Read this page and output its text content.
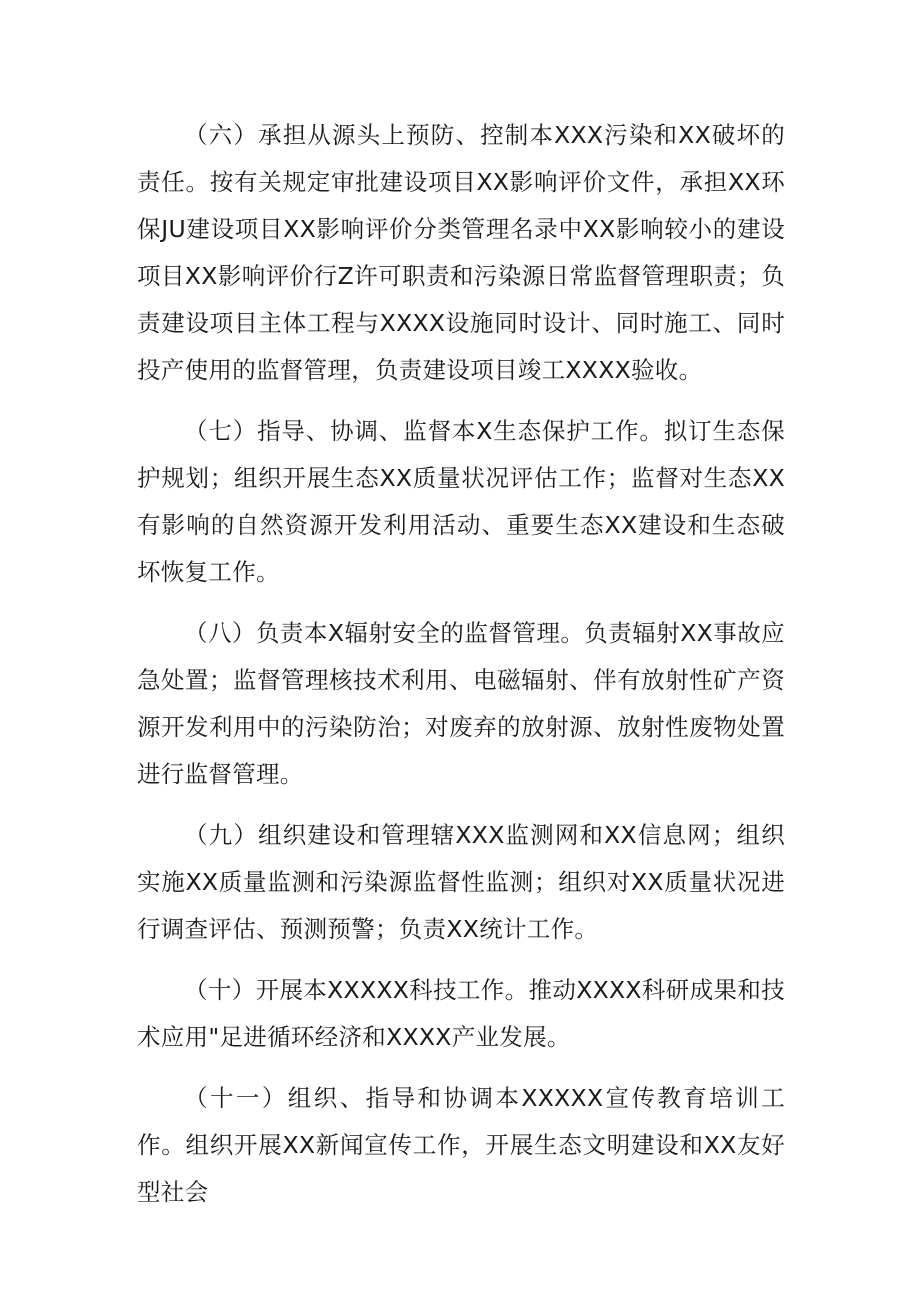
（六）承担从源头上预防、控制本XXX污染和XX破坏的责任。按有关规定审批建设项目XX影响评价文件，承担XX环保JU建设项目XX影响评价分类管理名录中XX影响较小的建设项目XX影响评价行Z许可职责和污染源日常监督管理职责；负责建设项目主体工程与XXXX设施同时设计、同时施工、同时投产使用的监督管理，负责建设项目竣工XXXX验收。

（七）指导、协调、监督本X生态保护工作。拟订生态保护规划；组织开展生态XX质量状况评估工作；监督对生态XX有影响的自然资源开发利用活动、重要生态XX建设和生态破坏恢复工作。

（八）负责本X辐射安全的监督管理。负责辐射XX事故应急处置；监督管理核技术利用、电磁辐射、伴有放射性矿产资源开发利用中的污染防治；对废弃的放射源、放射性废物处置进行监督管理。

（九）组织建设和管理辖XXX监测网和XX信息网；组织实施XX质量监测和污染源监督性监测；组织对XX质量状况进行调查评估、预测预警；负责XX统计工作。

（十）开展本XXXXX科技工作。推动XXXX科研成果和技术应用"足进循环经济和XXXX产业发展。

（十一）组织、指导和协调本XXXXX宣传教育培训工作。组织开展XX新闻宣传工作，开展生态文明建设和XX友好型社会
